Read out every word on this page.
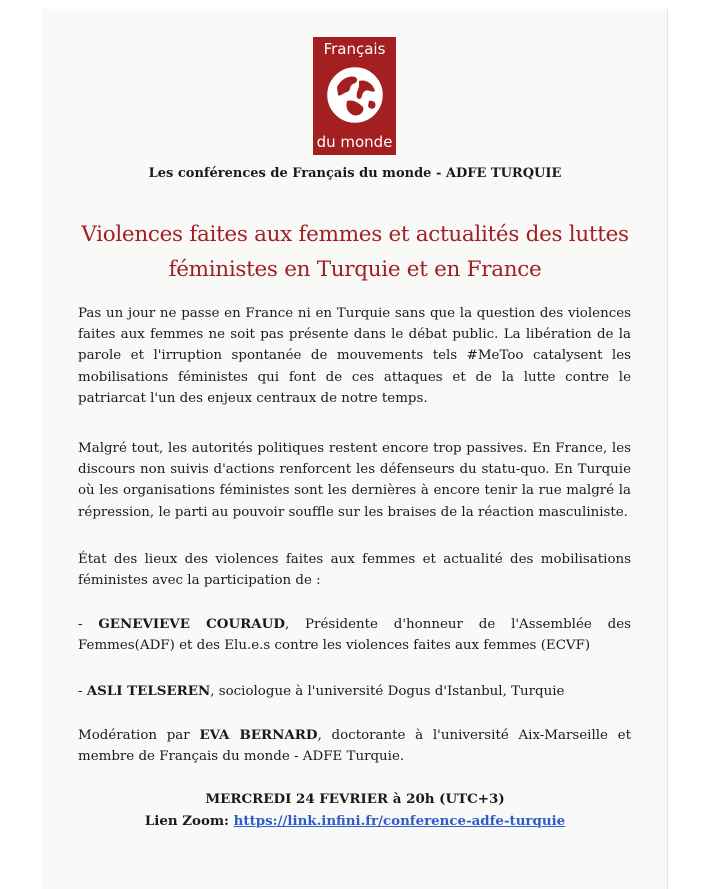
Français
du monde
Les conférences de Français du monde - ADFE TURQUIE
Violences faites aux femmes et actualités des luttes
féministes en Turquie et en France

Pas un jour ne passe en France ni en Turquie sans que la question des violences faites aux femmes ne soit pas présente dans le débat public. La libération de la parole et l'irruption spontanée de mouvements tels #MeToo catalysent les mobilisations féministes qui font de ces attaques et de la lutte contre le patriarcat l'un des enjeux centraux de notre temps.

Malgré tout, les autorités politiques restent encore trop passives. En France, les discours non suivis d'actions renforcent les défenseurs du statu-quo. En Turquie où les organisations féministes sont les dernières à encore tenir la rue malgré la répression, le parti au pouvoir souffle sur les braises de la réaction masculiniste.

État des lieux des violences faites aux femmes et actualité des mobilisations féministes avec la participation de :

- GENEVIEVE COURAUD, Présidente d'honneur de l'Assemblée des Femmes(ADF) et des Elu.e.s contre les violences faites aux femmes (ECVF)

- ASLI TELSEREN, sociologue à l'université Dogus d'Istanbul, Turquie

Modération par EVA BERNARD, doctorante à l'université Aix-Marseille et membre de Français du monde - ADFE Turquie.

MERCREDI 24 FEVRIER à 20h (UTC+3)
Lien Zoom: https://link.infini.fr/conference-adfe-turquie
